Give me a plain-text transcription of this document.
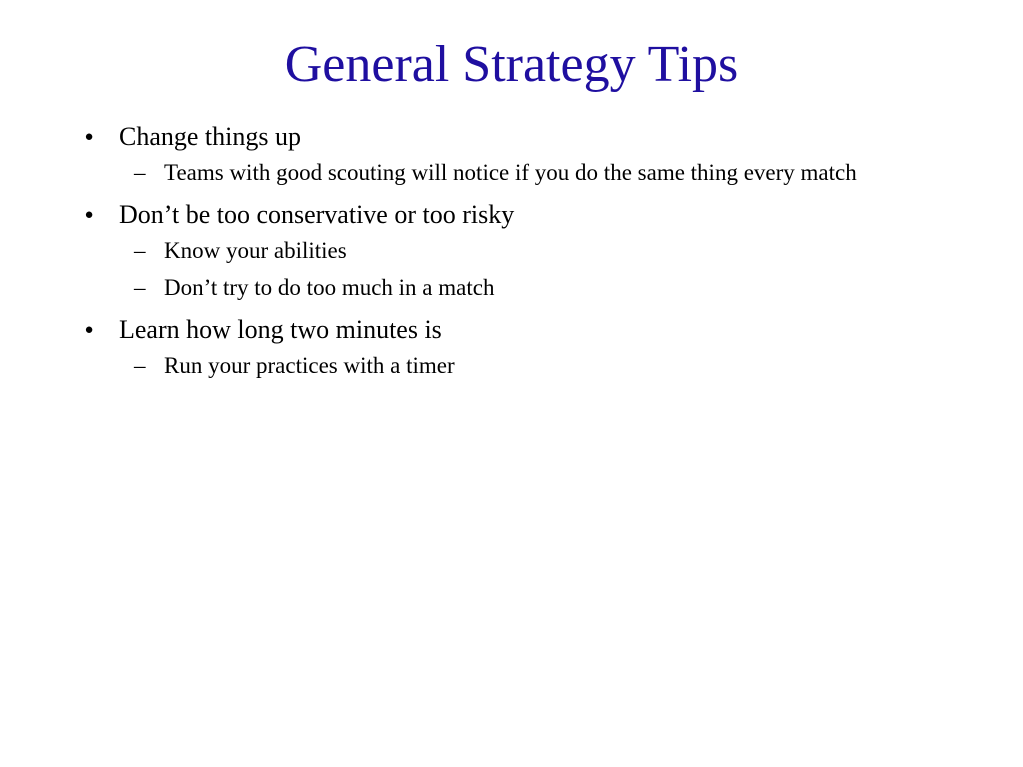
General Strategy Tips
● Change things up
– Teams with good scouting will notice if you do the same thing every match
● Don’t be too conservative or too risky
– Know your abilities
– Don’t try to do too much in a match
● Learn how long two minutes is
– Run your practices with a timer
